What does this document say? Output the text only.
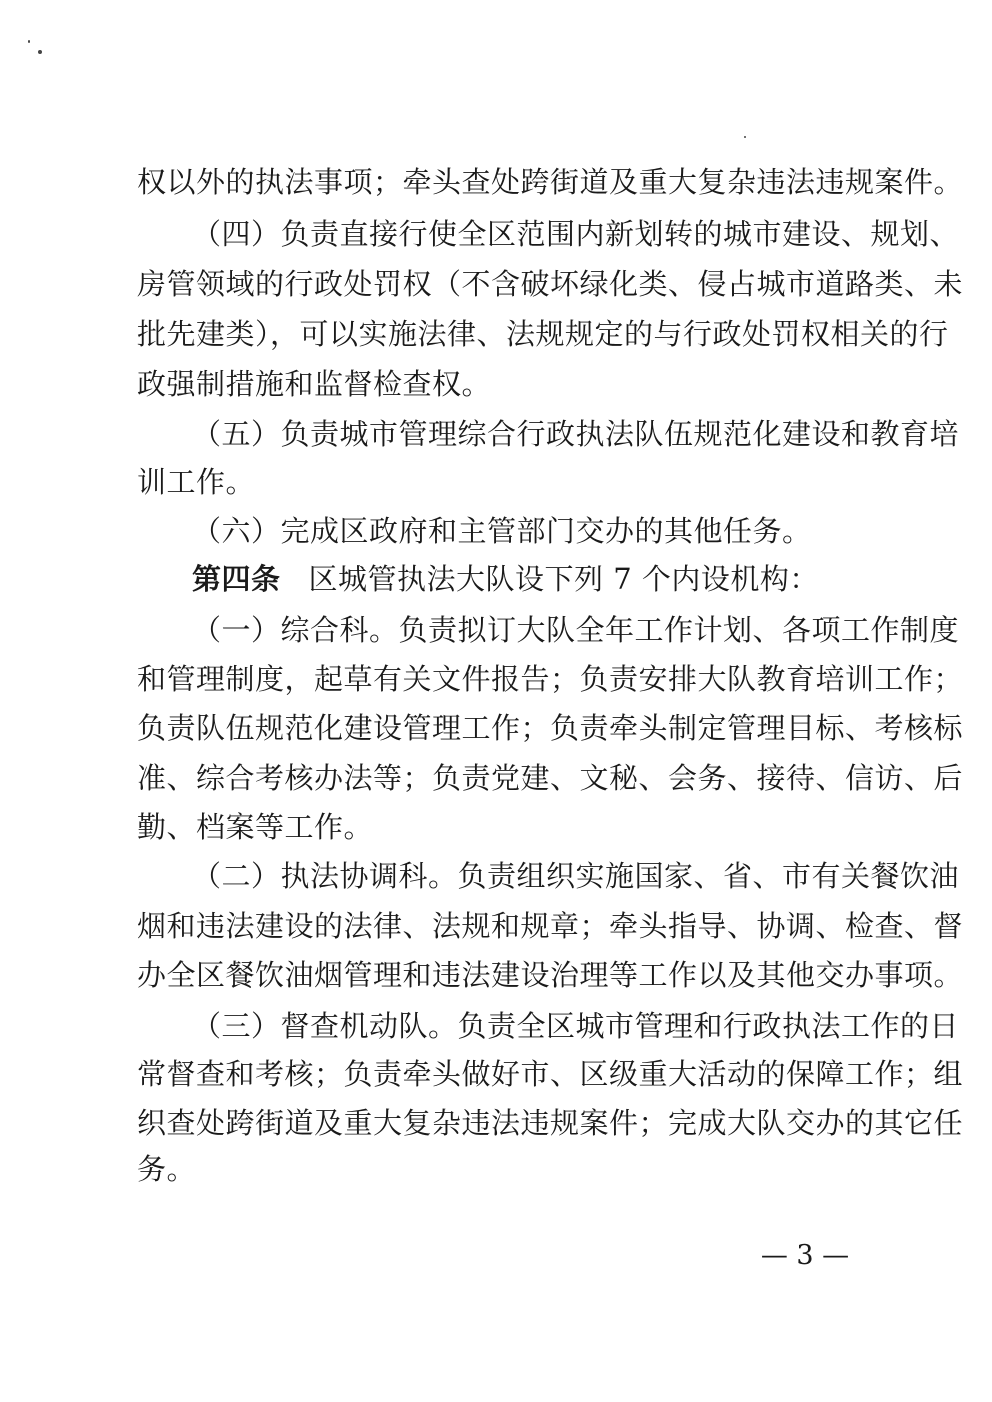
权以外的执法事项；牵头查处跨街道及重大复杂违法违规案件。
（四）负责直接行使全区范围内新划转的城市建设、规划、
房管领域的行政处罚权（不含破坏绿化类、侵占城市道路类、未
批先建类），可以实施法律、法规规定的与行政处罚权相关的行
政强制措施和监督检查权。
（五）负责城市管理综合行政执法队伍规范化建设和教育培
训工作。
（六）完成区政府和主管部门交办的其他任务。
第四条 区城管执法大队设下列 7 个内设机构：
（一）综合科。负责拟订大队全年工作计划、各项工作制度
和管理制度，起草有关文件报告；负责安排大队教育培训工作；
负责队伍规范化建设管理工作；负责牵头制定管理目标、考核标
准、综合考核办法等；负责党建、文秘、会务、接待、信访、后
勤、档案等工作。
（二）执法协调科。负责组织实施国家、省、市有关餐饮油
烟和违法建设的法律、法规和规章；牵头指导、协调、检查、督
办全区餐饮油烟管理和违法建设治理等工作以及其他交办事项。
（三）督查机动队。负责全区城市管理和行政执法工作的日
常督查和考核；负责牵头做好市、区级重大活动的保障工作；组
织查处跨街道及重大复杂违法违规案件；完成大队交办的其它任
务。
— 3 —
